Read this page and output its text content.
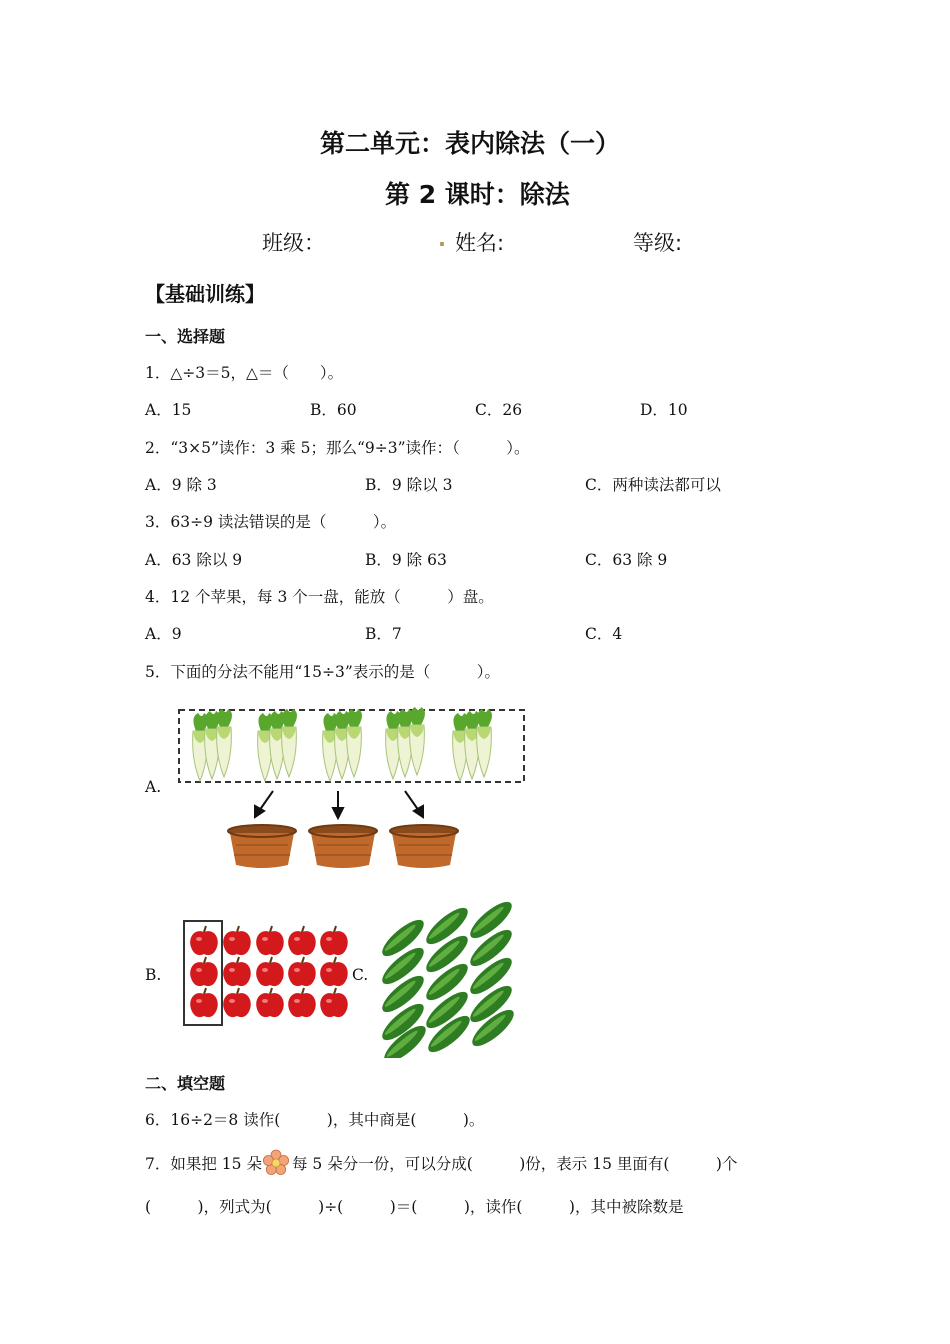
第二单元：表内除法（一）
第 2 课时：除法
班级：	. 姓名:	等级:
【基础训练】
一、选择题
1．△÷3＝5，△＝（　　）。
A．15	B．60	C．26	D．10
2．“3×5”读作：3 乘 5；那么“9÷3”读作：（　　　）。
A．9 除 3	B．9 除以 3	C．两种读法都可以
3．63÷9 读法错误的是（　　　）。
A．63 除以 9	B．9 除 63	C．63 除 9
4．12 个苹果，每 3 个一盘，能放（　　　）盘。
A．9	B．7	C．4
5．下面的分法不能用“15÷3”表示的是（　　　）。
A.
B.	C.
二、填空题
6．16÷2＝8 读作(　　　)，其中商是(　　　)。
7．如果把 15 朵 每 5 朵分一份，可以分成(　　　)份，表示 15 里面有(　　　)个
(　　　)，列式为(　　　)÷(　　　)＝(　　　)，读作(　　　)，其中被除数是
